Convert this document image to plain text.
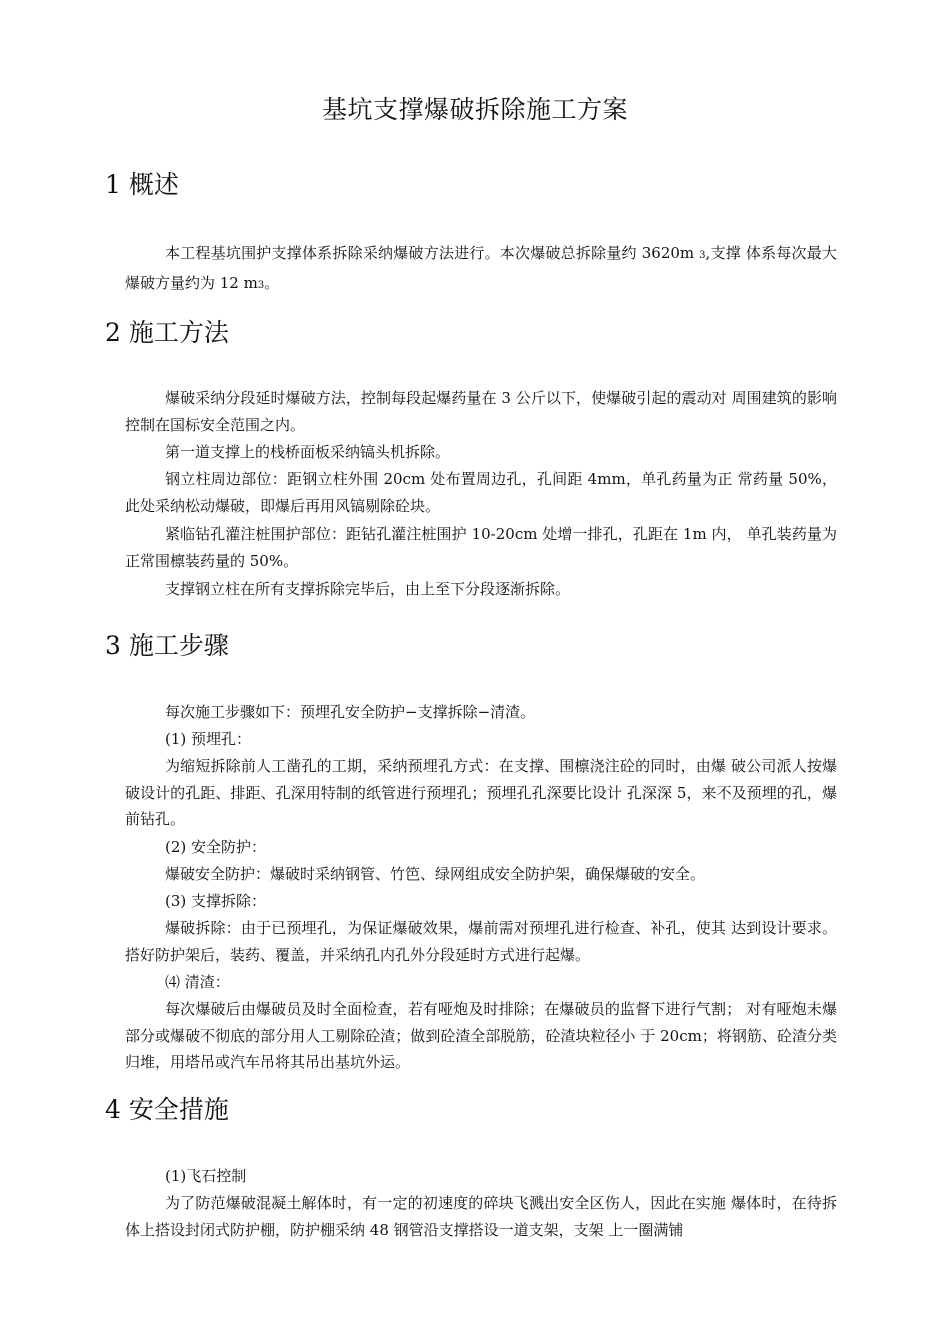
基坑支撑爆破拆除施工方案
1 概述

本工程基坑围护支撑体系拆除采纳爆破方法进行。本次爆破总拆除量约 3620m 3,支撑 体系每次最大爆破方量约为 12 m3。

2 施工方法

爆破采纳分段延时爆破方法，控制每段起爆药量在 3 公斤以下，使爆破引起的震动对 周围建筑的影响控制在国标安全范围之内。

第一道支撑上的栈桥面板采纳镐头机拆除。

钢立柱周边部位：距钢立柱外围 20cm 处布置周边孔，孔间距 4mm，单孔药量为正 常药量 50%，此处采纳松动爆破，即爆后再用风镐剔除砼块。

紧临钻孔灌注桩围护部位：距钻孔灌注桩围护 10-20cm 处增一排孔，孔距在 1m 内， 单孔装药量为正常围檩装药量的 50%。

支撑钢立柱在所有支撑拆除完毕后，由上至下分段逐渐拆除。

3 施工步骤

每次施工步骤如下：预埋孔安全防护−支撑拆除−清渣。

(1) 预埋孔：

为缩短拆除前人工凿孔的工期，采纳预埋孔方式：在支撑、围檩浇注砼的同时，由爆 破公司派人按爆破设计的孔距、排距、孔深用特制的纸管进行预埋孔；预埋孔孔深要比设计 孔深深 5，来不及预埋的孔，爆前钻孔。

(2) 安全防护：

爆破安全防护：爆破时采纳钢管、竹笆、绿网组成安全防护架，确保爆破的安全。

(3) 支撑拆除：

爆破拆除：由于已预埋孔，为保证爆破效果，爆前需对预埋孔进行检查、补孔，使其 达到设计要求。搭好防护架后，装药、覆盖，并采纳孔内孔外分段延时方式进行起爆。

⑷ 清渣：

每次爆破后由爆破员及时全面检查，若有哑炮及时排除；在爆破员的监督下进行气割； 对有哑炮未爆部分或爆破不彻底的部分用人工剔除砼渣；做到砼渣全部脱筋，砼渣块粒径小 于 20cm；将钢筋、砼渣分类归堆，用塔吊或汽车吊将其吊出基坑外运。

4 安全措施

(1)飞石控制

为了防范爆破混凝土解体时，有一定的初速度的碎块飞溅出安全区伤人，因此在实施 爆体时，在待拆体上搭设封闭式防护棚，防护棚采纳 48 钢管沿支撑搭设一道支架，支架 上一圈满铺
